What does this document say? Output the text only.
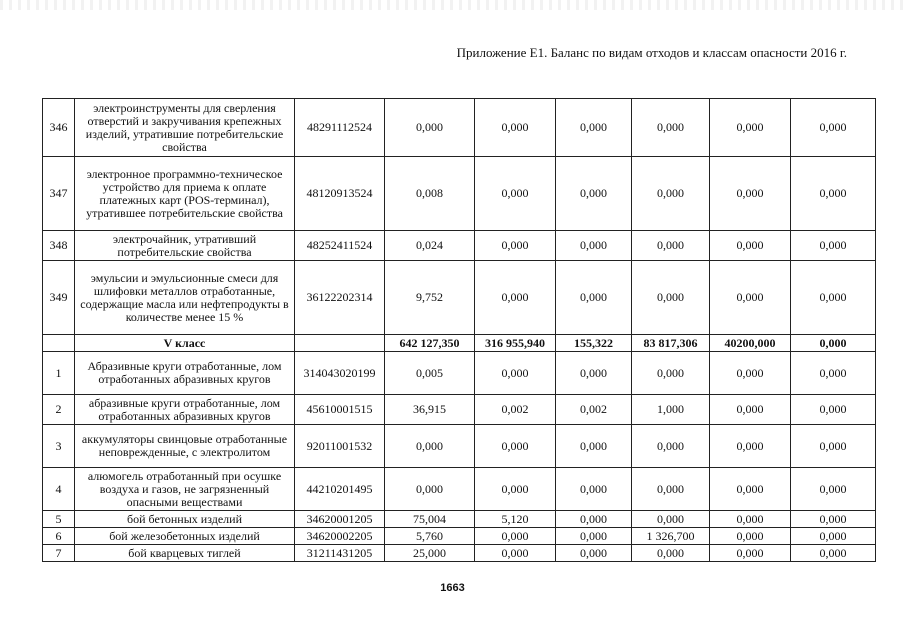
Приложение Е1. Баланс по видам отходов и классам опасности 2016 г.
346	электроинструменты для сверления отверстий и закручивания крепежных изделий, утратившие потребительские свойства	48291112524	0,000	0,000	0,000	0,000	0,000	0,000
347	электронное программно-техническое устройство для приема к оплате платежных карт (POS-терминал), утратившее потребительские свойства	48120913524	0,008	0,000	0,000	0,000	0,000	0,000
348	электрочайник, утративший потребительские свойства	48252411524	0,024	0,000	0,000	0,000	0,000	0,000
349	эмульсии и эмульсионные смеси для шлифовки металлов отработанные, содержащие масла или нефтепродукты в количестве менее 15 %	36122202314	9,752	0,000	0,000	0,000	0,000	0,000
	V класс		642 127,350	316 955,940	155,322	83 817,306	40200,000	0,000
1	Абразивные круги отработанные, лом отработанных абразивных кругов	314043020199	0,005	0,000	0,000	0,000	0,000	0,000
2	абразивные круги отработанные, лом отработанных абразивных кругов	45610001515	36,915	0,002	0,002	1,000	0,000	0,000
3	аккумуляторы свинцовые отработанные неповрежденные, с электролитом	92011001532	0,000	0,000	0,000	0,000	0,000	0,000
4	алюмогель отработанный при осушке воздуха и газов, не загрязненный опасными веществами	44210201495	0,000	0,000	0,000	0,000	0,000	0,000
5	бой бетонных изделий	34620001205	75,004	5,120	0,000	0,000	0,000	0,000
6	бой железобетонных изделий	34620002205	5,760	0,000	0,000	1 326,700	0,000	0,000
7	бой кварцевых тиглей	31211431205	25,000	0,000	0,000	0,000	0,000	0,000
1663
